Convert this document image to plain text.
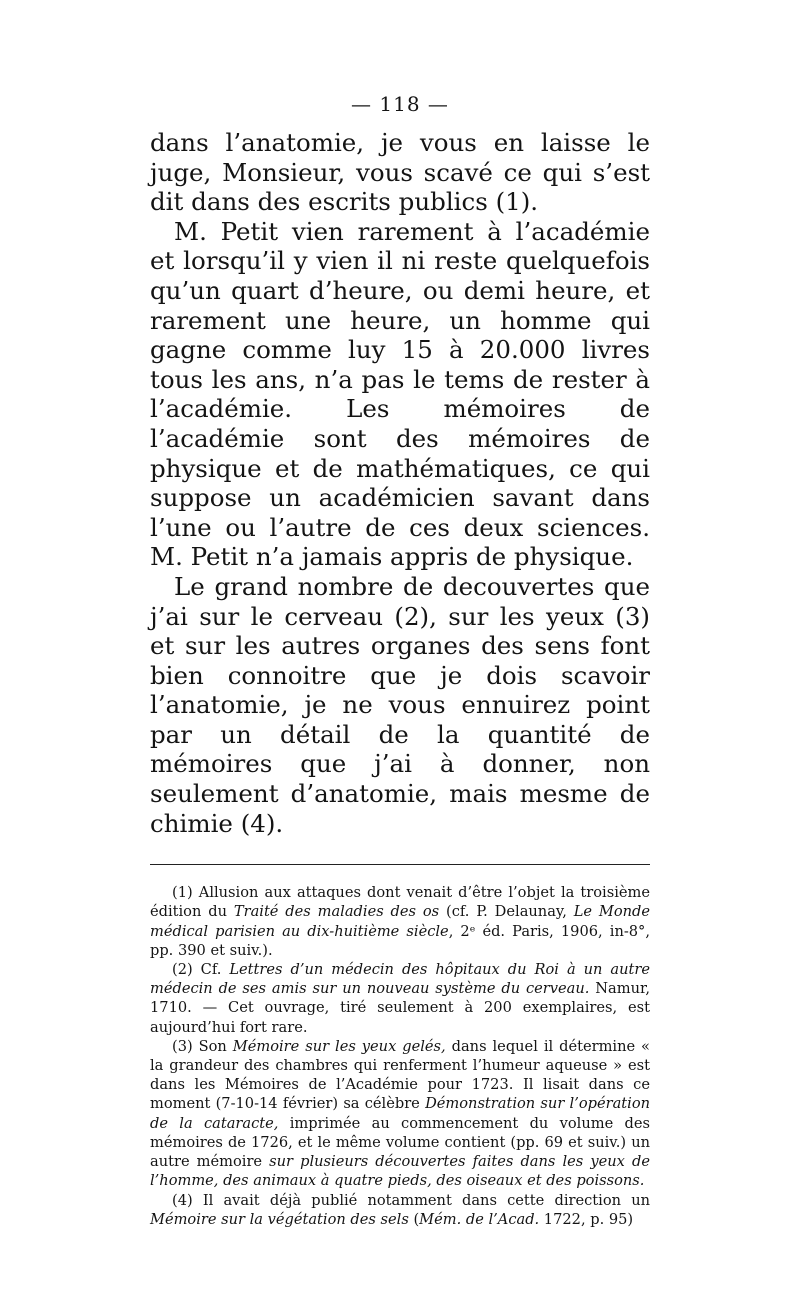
— 118 —

dans l’anatomie, je vous en laisse le juge, Monsieur, vous scavé ce qui s’est dit dans des escrits publics (1).

M. Petit vien rarement à l’académie et lorsqu’il y vien il ni reste quelquefois qu’un quart d’heure, ou demi heure, et rarement une heure, un homme qui gagne comme luy 15 à 20.000 livres tous les ans, n’a pas le tems de rester à l’académie. Les mémoires de l’académie sont des mémoires de physique et de mathématiques, ce qui suppose un académicien savant dans l’une ou l’autre de ces deux sciences. M. Petit n’a jamais appris de physique.

Le grand nombre de decouvertes que j’ai sur le cerveau (2), sur les yeux (3) et sur les autres organes des sens font bien connoitre que je dois scavoir l’anatomie, je ne vous ennuirez point par un détail de la quantité de mémoires que j’ai à donner, non seulement d’anatomie, mais mesme de chimie (4).

(1) Allusion aux attaques dont venait d’être l’objet la troisième édition du Traité des maladies des os (cf. P. Delaunay, Le Monde médical parisien au dix-huitième siècle, 2ᵉ éd. Paris, 1906, in-8°, pp. 390 et suiv.).

(2) Cf. Lettres d’un médecin des hôpitaux du Roi à un autre médecin de ses amis sur un nouveau système du cerveau. Namur, 1710. — Cet ouvrage, tiré seulement à 200 exemplaires, est aujourd’hui fort rare.

(3) Son Mémoire sur les yeux gelés, dans lequel il détermine « la grandeur des chambres qui renferment l’humeur aqueuse » est dans les Mémoires de l’Académie pour 1723. Il lisait dans ce moment (7-10-14 février) sa célèbre Démonstration sur l’opération de la cataracte, imprimée au commencement du volume des mémoires de 1726, et le même volume contient (pp. 69 et suiv.) un autre mémoire sur plusieurs découvertes faites dans les yeux de l’homme, des animaux à quatre pieds, des oiseaux et des poissons.

(4) Il avait déjà publié notamment dans cette direction un Mémoire sur la végétation des sels (Mém. de l’Acad. 1722, p. 95)
